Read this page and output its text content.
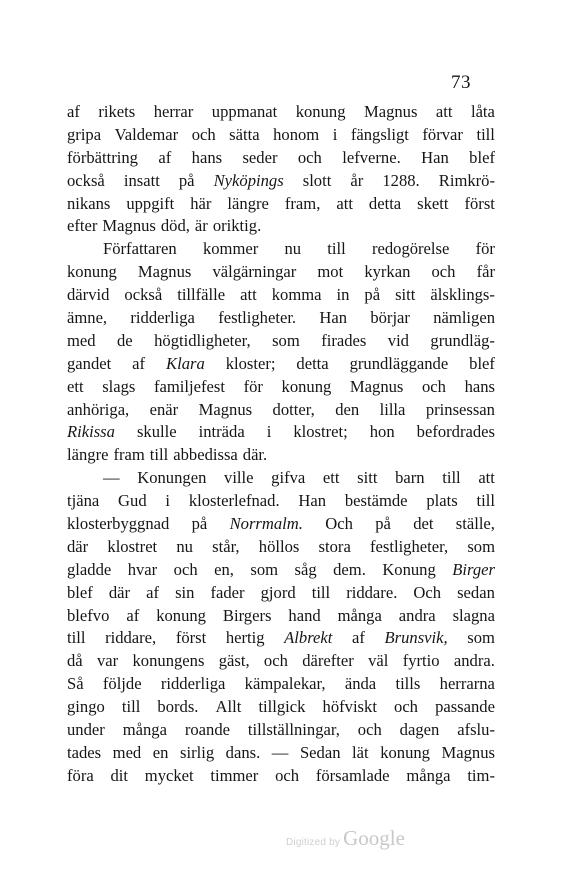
73
af rikets herrar uppmanat konung Magnus att låta
gripa Valdemar och sätta honom i fängsligt förvar till
förbättring af hans seder och lefverne. Han blef
också insatt på Nyköpings slott år 1288. Rimkrö-
nikans uppgift här längre fram, att detta skett först
efter Magnus död, är oriktig.
Författaren kommer nu till redogörelse för
konung Magnus välgärningar mot kyrkan och får
därvid också tillfälle att komma in på sitt älsklings-
ämne, ridderliga festligheter. Han börjar nämligen
med de högtidligheter, som firades vid grundläg-
gandet af Klara kloster; detta grundläggande blef
ett slags familjefest för konung Magnus och hans
anhöriga, enär Magnus dotter, den lilla prinsessan
Rikissa skulle inträda i klostret; hon befordrades
längre fram till abbedissa där.
— Konungen ville gifva ett sitt barn till att
tjäna Gud i klosterlefnad. Han bestämde plats till
klosterbyggnad på Norrmalm. Och på det ställe,
där klostret nu står, höllos stora festligheter, som
gladde hvar och en, som såg dem. Konung Birger
blef där af sin fader gjord till riddare. Och sedan
blefvo af konung Birgers hand många andra slagna
till riddare, först hertig Albrekt af Brunsvik, som
då var konungens gäst, och därefter väl fyrtio andra.
Så följde ridderliga kämpalekar, ända tills herrarna
gingo till bords. Allt tillgick höfviskt och passande
under många roande tillställningar, och dagen afslu-
tades med en sirlig dans. — Sedan lät konung Magnus
föra dit mycket timmer och församlade många tim-
Digitized by Google
